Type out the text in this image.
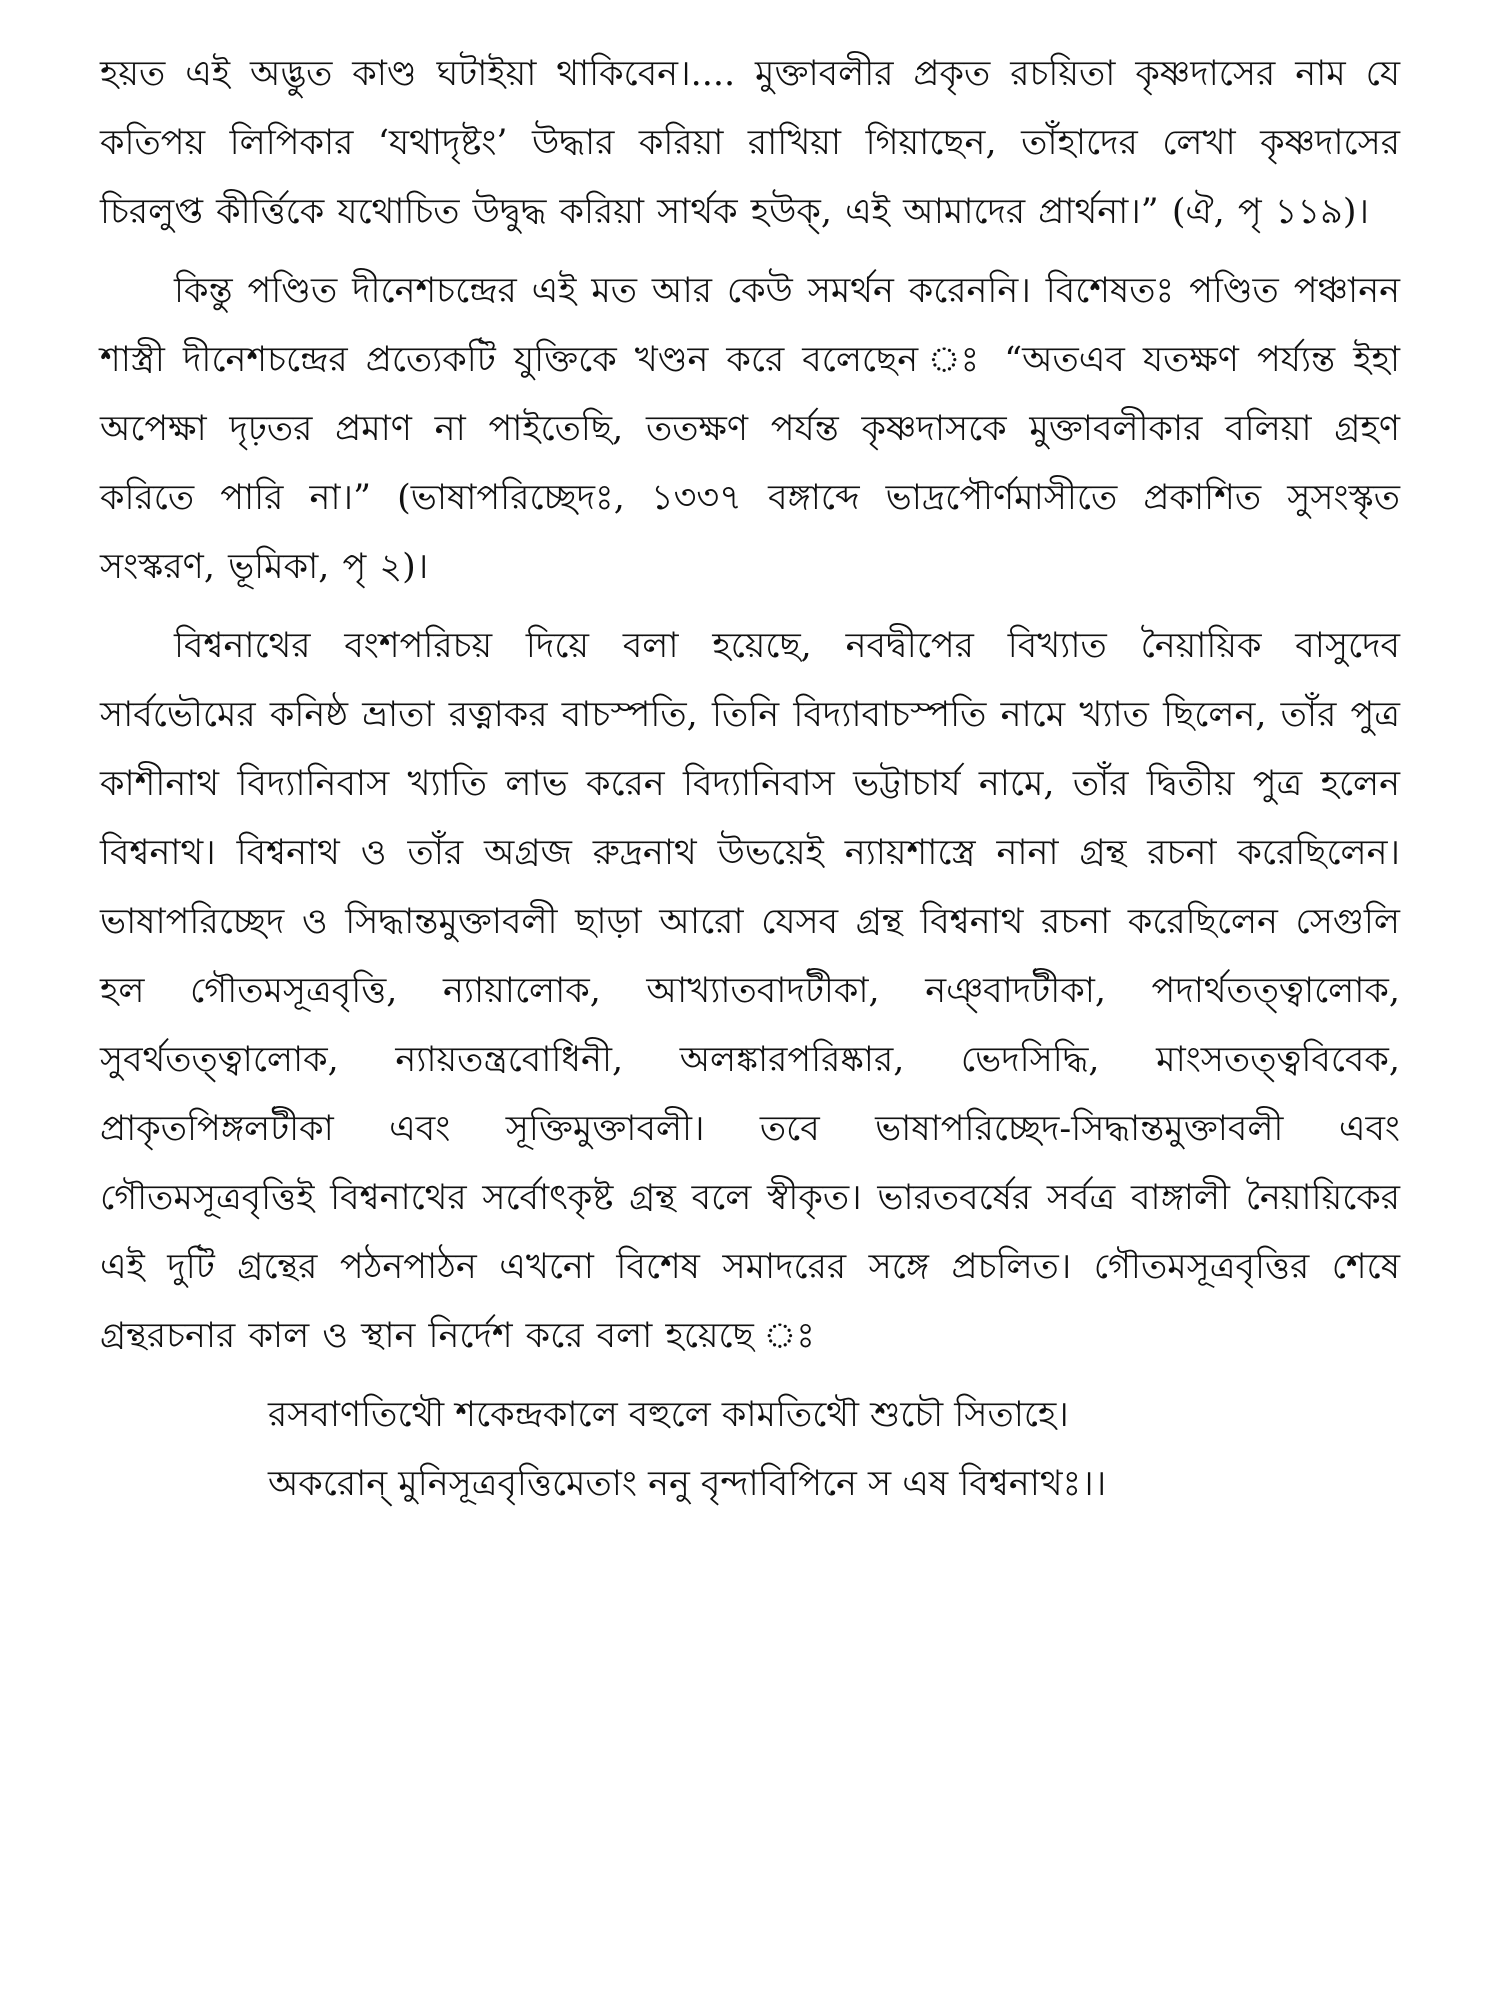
হয়ত এই অদ্ভুত কাণ্ড ঘটাইয়া থাকিবেন।.... মুক্তাবলীর প্রকৃত রচয়িতা কৃষ্ণদাসের নাম যে কতিপয় লিপিকার ‘যথাদৃষ্টং’ উদ্ধার করিয়া রাখিয়া গিয়াছেন, তাঁহাদের লেখা কৃষ্ণদাসের চিরলুপ্ত কীর্ত্তিকে যথোচিত উদ্বুদ্ধ করিয়া সার্থক হউক্, এই আমাদের প্রার্থনা।” (ঐ, পৃ ১১৯)।

কিন্তু পণ্ডিত দীনেশচন্দ্রের এই মত আর কেউ সমর্থন করেননি। বিশেষতঃ পণ্ডিত পঞ্চানন শাস্ত্রী দীনেশচন্দ্রের প্রত্যেকটি যুক্তিকে খণ্ডন করে বলেছেন ঃ “অতএব যতক্ষণ পর্য্যন্ত ইহা অপেক্ষা দৃঢ়তর প্রমাণ না পাইতেছি, ততক্ষণ পর্যন্ত কৃষ্ণদাসকে মুক্তাবলীকার বলিয়া গ্রহণ করিতে পারি না।” (ভাষাপরিচ্ছেদঃ, ১৩৩৭ বঙ্গাব্দে ভাদ্রপৌর্ণমাসীতে প্রকাশিত সুসংস্কৃত সংস্করণ, ভূমিকা, পৃ ২)।

বিশ্বনাথের বংশপরিচয় দিয়ে বলা হয়েছে, নবদ্বীপের বিখ্যাত নৈয়ায়িক বাসুদেব সার্বভৌমের কনিষ্ঠ ভ্রাতা রত্নাকর বাচস্পতি, তিনি বিদ্যাবাচস্পতি নামে খ্যাত ছিলেন, তাঁর পুত্র কাশীনাথ বিদ্যানিবাস খ্যাতি লাভ করেন বিদ্যানিবাস ভট্টাচার্য নামে, তাঁর দ্বিতীয় পুত্র হলেন বিশ্বনাথ। বিশ্বনাথ ও তাঁর অগ্রজ রুদ্রনাথ উভয়েই ন্যায়শাস্ত্রে নানা গ্রন্থ রচনা করেছিলেন। ভাষাপরিচ্ছেদ ও সিদ্ধান্তমুক্তাবলী ছাড়া আরো যেসব গ্রন্থ বিশ্বনাথ রচনা করেছিলেন সেগুলি হল গৌতমসূত্রবৃত্তি, ন্যায়ালোক, আখ্যাতবাদটীকা, নঞ্‌বাদটীকা, পদার্থতত্ত্বালোক, সুবর্থতত্ত্বালোক, ন্যায়তন্ত্রবোধিনী, অলঙ্কারপরিষ্কার, ভেদসিদ্ধি, মাংসতত্ত্ববিবেক, প্রাকৃতপিঙ্গলটীকা এবং সূক্তিমুক্তাবলী। তবে ভাষাপরিচ্ছেদ-সিদ্ধান্তমুক্তাবলী এবং গৌতমসূত্রবৃত্তিই বিশ্বনাথের সর্বোৎকৃষ্ট গ্রন্থ বলে স্বীকৃত। ভারতবর্ষের সর্বত্র বাঙ্গালী নৈয়ায়িকের এই দুটি গ্রন্থের পঠনপাঠন এখনো বিশেষ সমাদরের সঙ্গে প্রচলিত। গৌতমসূত্রবৃত্তির শেষে গ্রন্থরচনার কাল ও স্থান নির্দেশ করে বলা হয়েছে ঃ

রসবাণতিথৌ শকেন্দ্রকালে বহুলে কামতিথৌ শুচৌ সিতাহে।

অকরোন্ মুনিসূত্রবৃত্তিমেতাং ননু বৃন্দাবিপিনে স এষ বিশ্বনাথঃ।।
